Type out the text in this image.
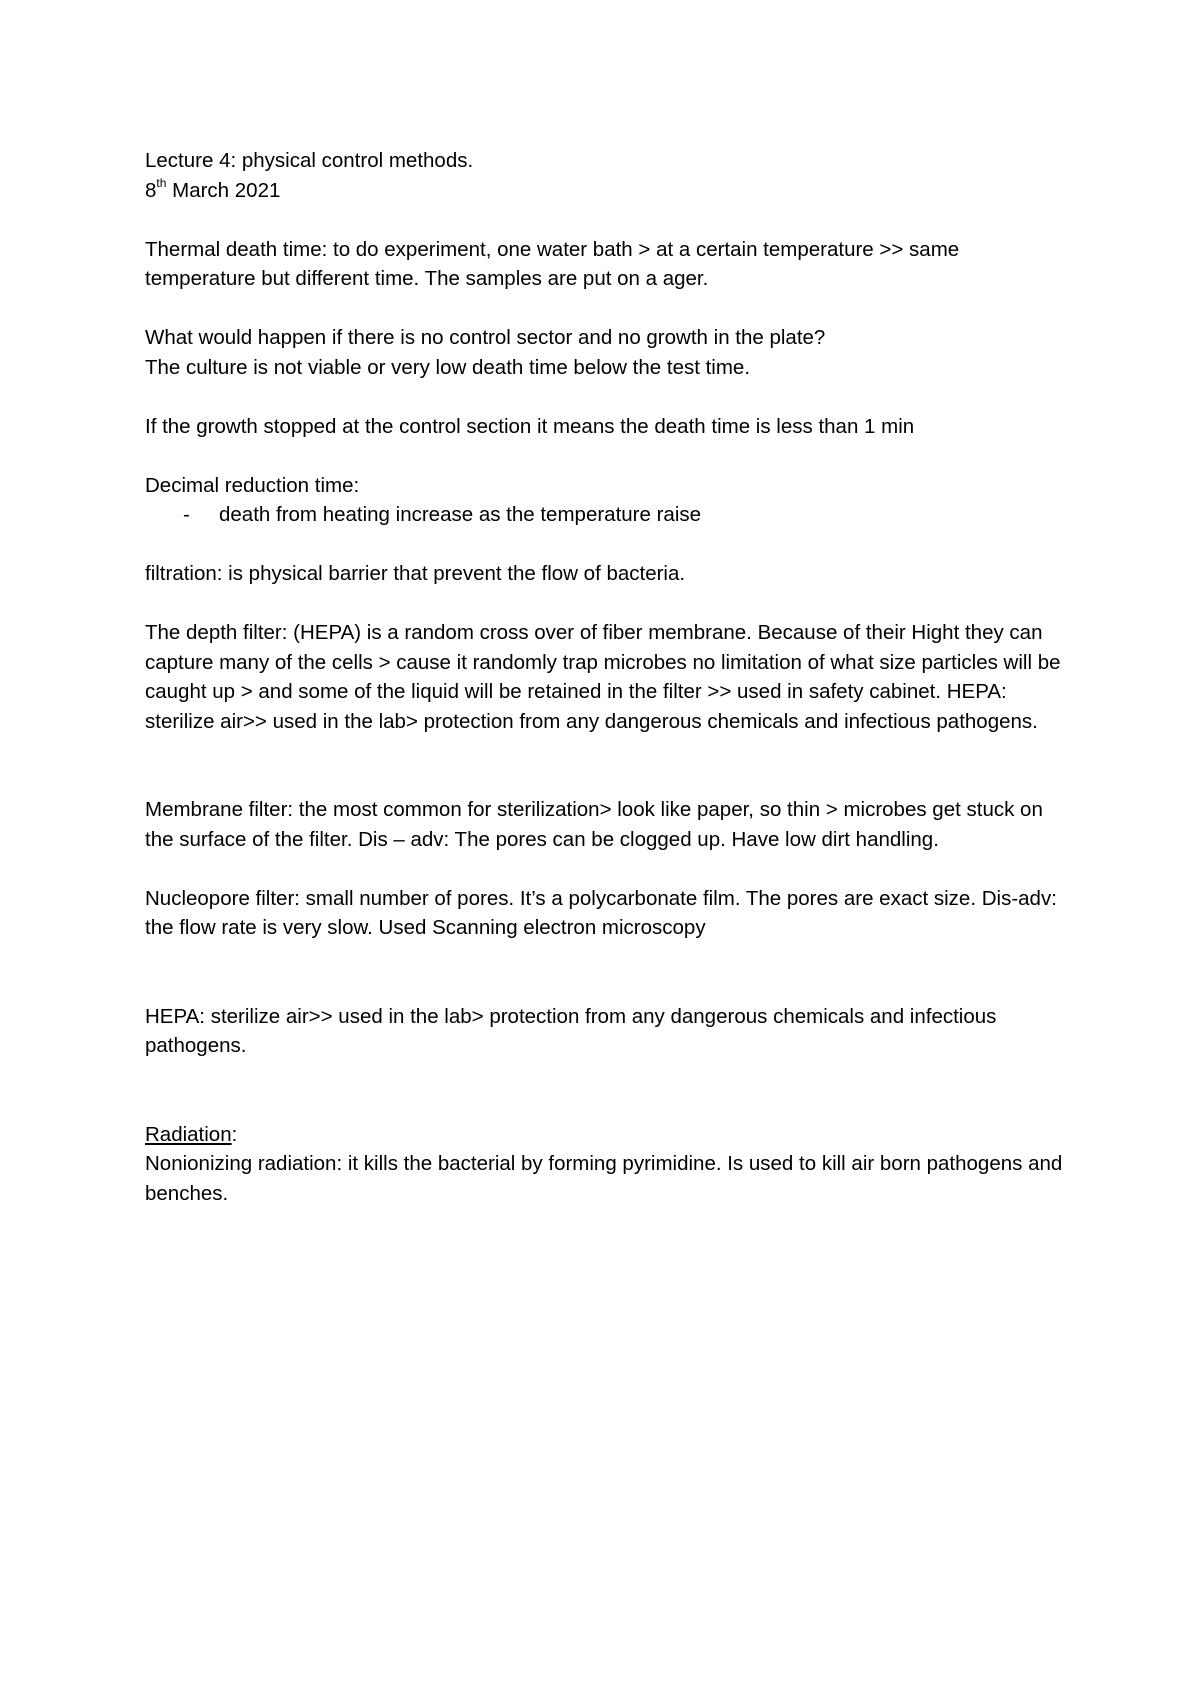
Lecture 4: physical control methods.

8th March 2021

Thermal death time: to do experiment, one water bath > at a certain temperature >> same temperature but different time. The samples are put on a ager.

What would happen if there is no control sector and no growth in the plate?

The culture is not viable or very low death time below the test time.

If the growth stopped at the control section it means the death time is less than 1 min

Decimal reduction time:

- death from heating increase as the temperature raise

filtration: is physical barrier that prevent the flow of bacteria.

The depth filter: (HEPA) is a random cross over of fiber membrane. Because of their Hight they can capture many of the cells > cause it randomly trap microbes no limitation of what size particles will be caught up > and some of the liquid will be retained in the filter >> used in safety cabinet. HEPA: sterilize air>> used in the lab> protection from any dangerous chemicals and infectious pathogens.

Membrane filter: the most common for sterilization> look like paper, so thin > microbes get stuck on the surface of the filter. Dis – adv: The pores can be clogged up. Have low dirt handling.

Nucleopore filter: small number of pores. It’s a polycarbonate film. The pores are exact size. Dis-adv: the flow rate is very slow. Used Scanning electron microscopy

HEPA: sterilize air>> used in the lab> protection from any dangerous chemicals and infectious pathogens.

Radiation:

Nonionizing radiation: it kills the bacterial by forming pyrimidine. Is used to kill air born pathogens and benches.
